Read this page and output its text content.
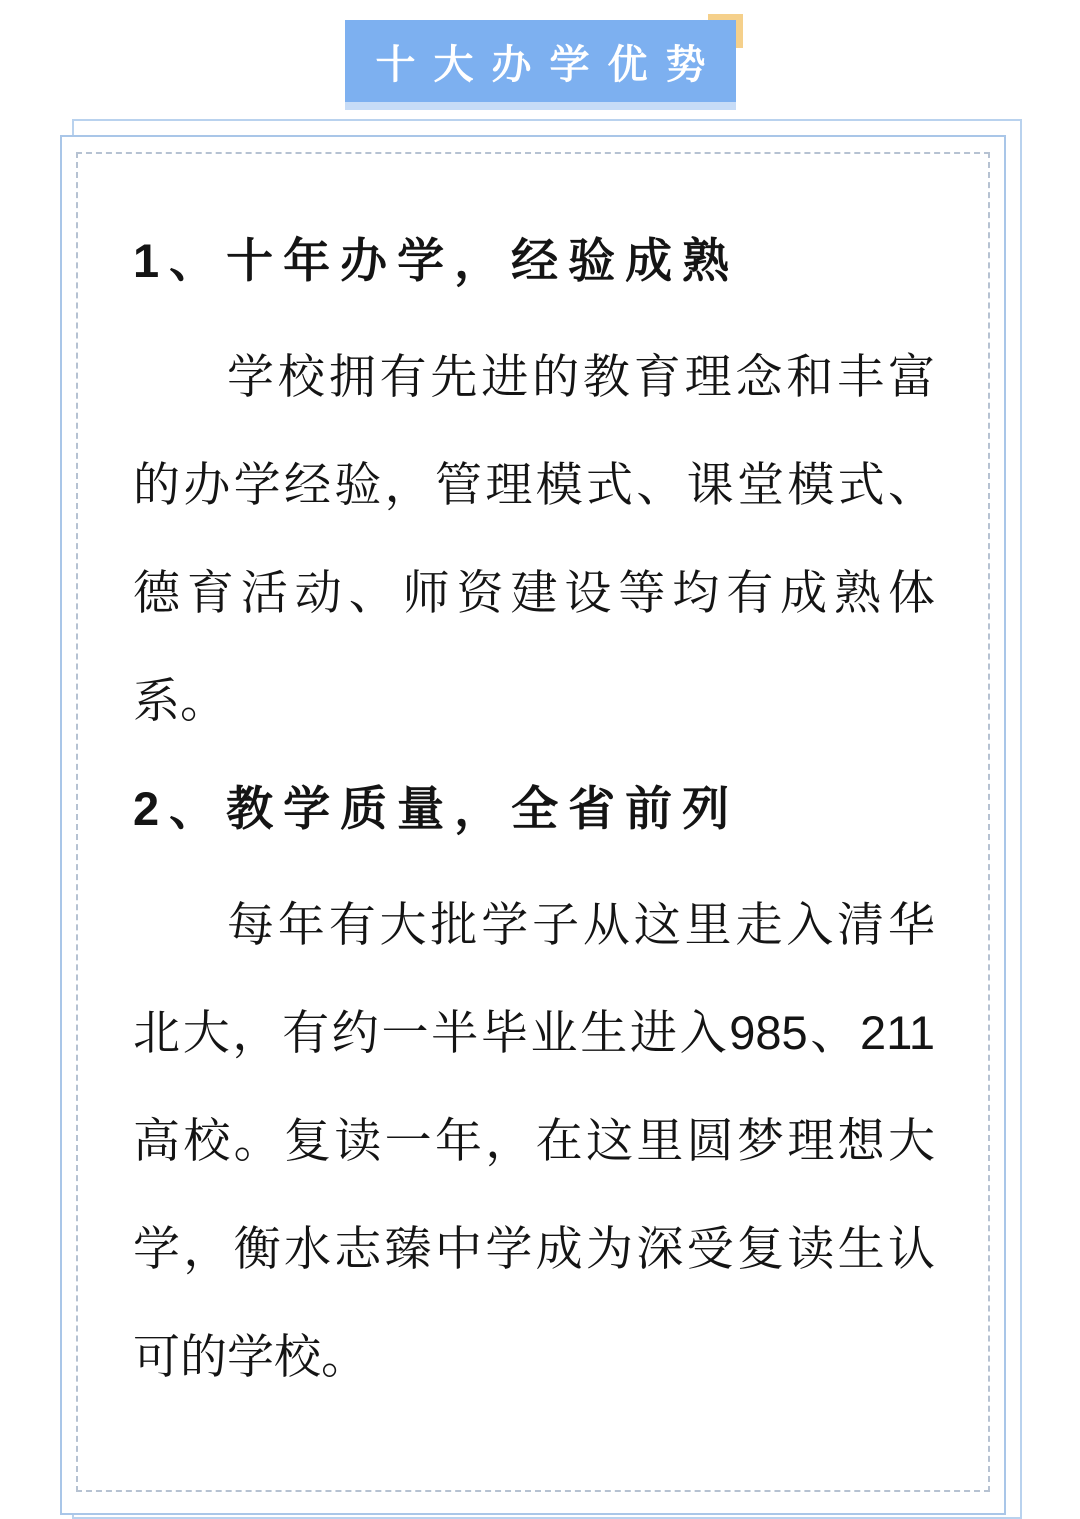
十大办学优势
1、十年办学，经验成熟
学校拥有先进的教育理念和丰富
的办学经验，管理模式、课堂模式、
德育活动、师资建设等均有成熟体
系。
2、教学质量，全省前列
每年有大批学子从这里走入清华
北大，有约一半毕业生进入985、211
高校。复读一年，在这里圆梦理想大
学，衡水志臻中学成为深受复读生认
可的学校。
